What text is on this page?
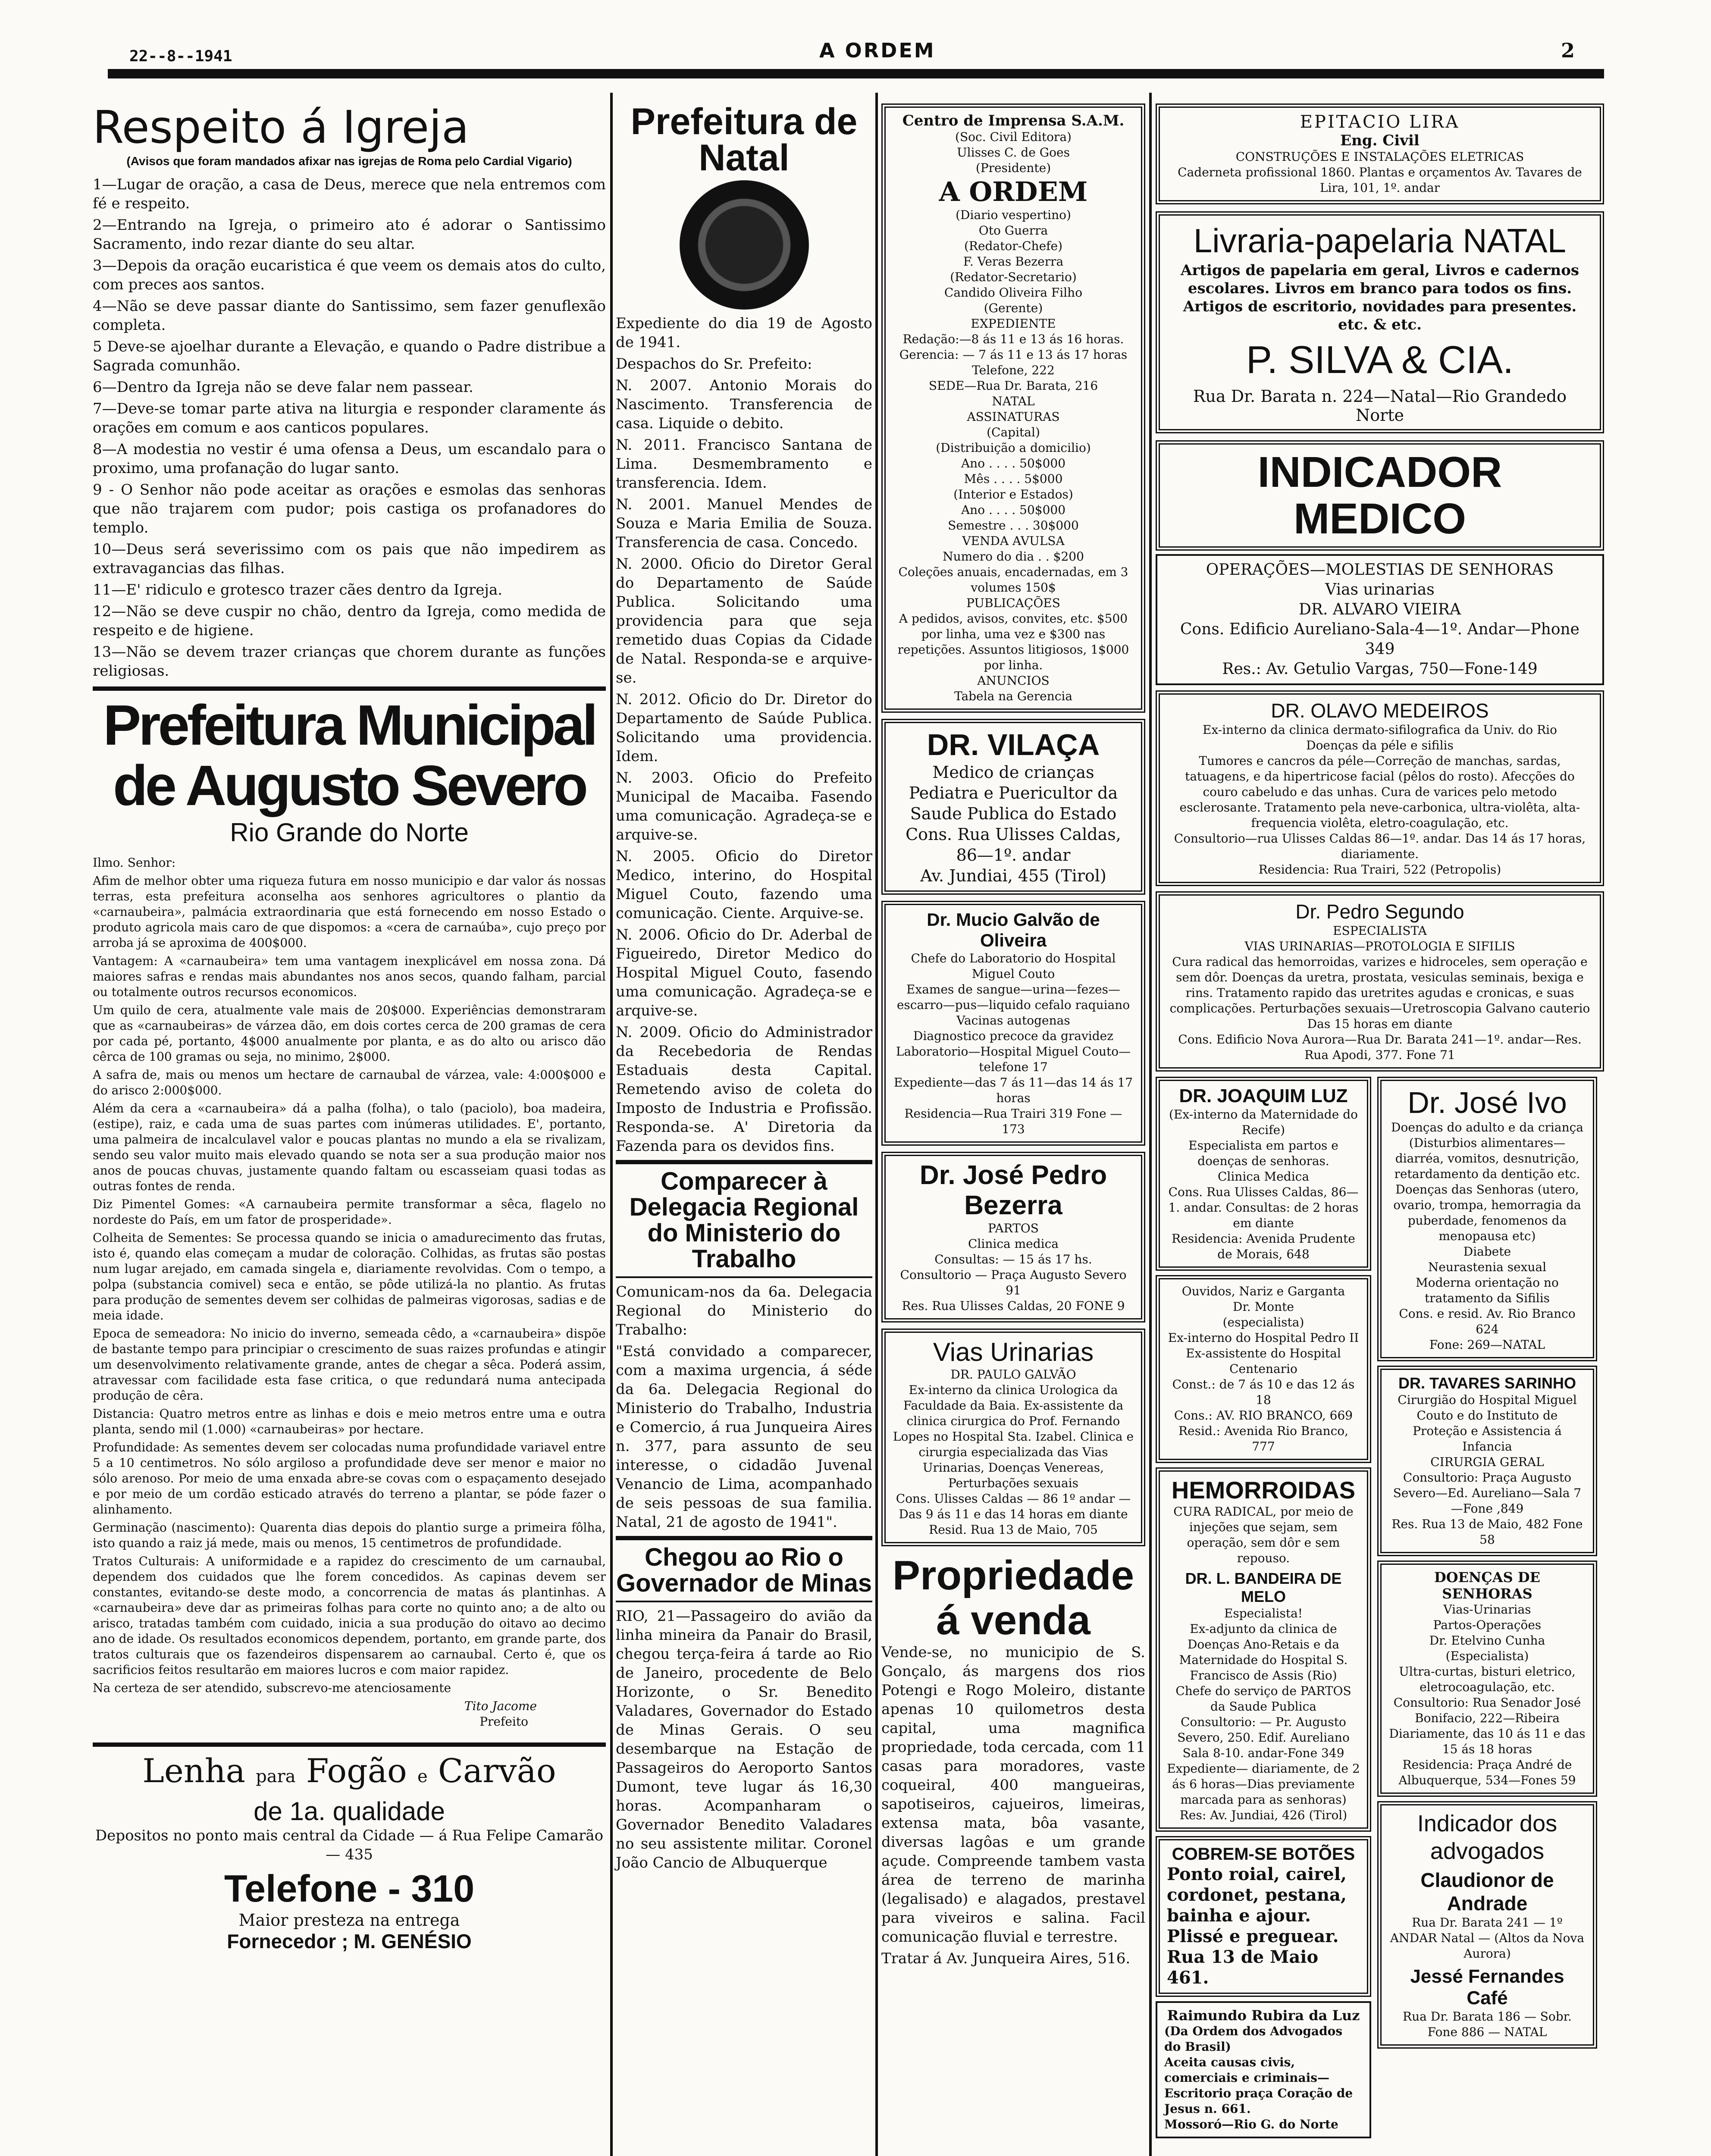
22--8--1941	A ORDEM	2
Respeito á Igreja
(Avisos que foram mandados afixar nas igrejas de Roma pelo Cardial Vigario)
1—Lugar de oração, a casa de Deus, merece que nela entremos com fé e respeito.
2—Entrando na Igreja, o primeiro ato é adorar o Santissimo Sacramento, indo rezar diante do seu altar.
3—Depois da oração eucaristica é que veem os demais atos do culto, com preces aos santos.
4—Não se deve passar diante do Santissimo, sem fazer genuflexão completa.
5 Deve-se ajoelhar durante a Elevação, e quando o Padre distribue a Sagrada comunhão.
6—Dentro da Igreja não se deve falar nem passear.
7—Deve-se tomar parte ativa na liturgia e responder claramente ás orações em comum e aos canticos populares.
8—A modestia no vestir é uma ofensa a Deus, um escandalo para o proximo, uma profanação do lugar santo.
9 - O Senhor não pode aceitar as orações e esmolas das senhoras que não trajarem com pudor; pois castiga os profanadores do templo.
10—Deus será severissimo com os pais que não impedirem as extravagancias das filhas.
11—E' ridiculo e grotesco trazer cães dentro da Igreja.
12—Não se deve cuspir no chão, dentro da Igreja, como medida de respeito e de higiene.
13—Não se devem trazer crianças que chorem durante as funções religiosas.
Prefeitura Municipal de Augusto Severo
Rio Grande do Norte
Ilmo. Senhor:
Afim de melhor obter uma riqueza futura em nosso municipio e dar valor ás nossas terras, esta prefeitura aconselha aos senhores agricultores o plantio da «carnaubeira», palmácia extraordinaria que está fornecendo em nosso Estado o produto agricola mais caro de que dispomos: a «cera de carnaúba», cujo preço por arroba já se aproxima de 400$000.
Vantagem: A «carnaubeira» tem uma vantagem inexplicável em nossa zona. Dá maiores safras e rendas mais abundantes nos anos secos, quando falham, parcial ou totalmente outros recursos economicos.
Um quilo de cera, atualmente vale mais de 20$000. Experiências demonstraram que as «carnaubeiras» de várzea dão, em dois cortes cerca de 200 gramas de cera por cada pé, portanto, 4$000 anualmente por planta, e as do alto ou arisco dão cêrca de 100 gramas ou seja, no minimo, 2$000.
A safra de, mais ou menos um hectare de carnaubal de várzea, vale: 4:000$000 e do arisco 2:000$000.
Além da cera a «carnaubeira» dá a palha (folha), o talo (paciolo), boa madeira, (estipe), raiz, e cada uma de suas partes com inúmeras utilidades. E', portanto, uma palmeira de incalculavel valor e poucas plantas no mundo a ela se rivalizam, sendo seu valor muito mais elevado quando se nota ser a sua produção maior nos anos de poucas chuvas, justamente quando faltam ou escasseiam quasi todas as outras fontes de renda.
Diz Pimentel Gomes: «A carnaubeira permite transformar a sêca, flagelo no nordeste do País, em um fator de prosperidade».
Colheita de Sementes: Se processa quando se inicia o amadurecimento das frutas, isto é, quando elas começam a mudar de coloração. Colhidas, as frutas são postas num lugar arejado, em camada singela e, diariamente revolvidas. Com o tempo, a polpa (substancia comivel) seca e então, se pôde utilizá-la no plantio. As frutas para produção de sementes devem ser colhidas de palmeiras vigorosas, sadias e de meia idade.
Epoca de semeadora: No inicio do inverno, semeada cêdo, a «carnaubeira» dispõe de bastante tempo para principiar o crescimento de suas raizes profundas e atingir um desenvolvimento relativamente grande, antes de chegar a sêca. Poderá assim, atravessar com facilidade esta fase critica, o que redundará numa antecipada produção de cêra.
Distancia: Quatro metros entre as linhas e dois e meio metros entre uma e outra planta, sendo mil (1.000) «carnaubeiras» por hectare.
Profundidade: As sementes devem ser colocadas numa profundidade variavel entre 5 a 10 centimetros. No sólo argiloso a profundidade deve ser menor e maior no sólo arenoso. Por meio de uma enxada abre-se covas com o espaçamento desejado e por meio de um cordão esticado através do terreno a plantar, se póde fazer o alinhamento.
Germinação (nascimento): Quarenta dias depois do plantio surge a primeira fôlha, isto quando a raiz já mede, mais ou menos, 15 centimetros de profundidade.
Tratos Culturais: A uniformidade e a rapidez do crescimento de um carnaubal, dependem dos cuidados que lhe forem concedidos. As capinas devem ser constantes, evitando-se deste modo, a concorrencia de matas ás plantinhas. A «carnaubeira» deve dar as primeiras folhas para corte no quinto ano; a de alto ou arisco, tratadas também com cuidado, inicia a sua produção do oitavo ao decimo ano de idade. Os resultados economicos dependem, portanto, em grande parte, dos tratos culturais que os fazendeiros dispensarem ao carnaubal. Certo é, que os sacrificios feitos resultarão em maiores lucros e com maior rapidez.
Na certeza de ser atendido, subscrevo-me atenciosamente
Tito Jacome
Prefeito
Lenha para Fogão e Carvão
de 1a. qualidade
Depositos no ponto mais central da Cidade — á Rua Felipe Camarão — 435
Telefone - 310
Maior presteza na entrega
Fornecedor ; M. GENÉSIO
Prefeitura de Natal
Expediente do dia 19 de Agosto de 1941.
Despachos do Sr. Prefeito:
N. 2007. Antonio Morais do Nascimento. Transferencia de casa. Liquide o debito.
N. 2011. Francisco Santana de Lima. Desmembramento e transferencia. Idem.
N. 2001. Manuel Mendes de Souza e Maria Emilia de Souza. Transferencia de casa. Concedo.
N. 2000. Oficio do Diretor Geral do Departamento de Saúde Publica. Solicitando uma providencia para que seja remetido duas Copias da Cidade de Natal. Responda-se e arquive-se.
N. 2012. Oficio do Dr. Diretor do Departamento de Saúde Publica. Solicitando uma providencia. Idem.
N. 2003. Oficio do Prefeito Municipal de Macaiba. Fasendo uma comunicação. Agradeça-se e arquive-se.
N. 2005. Oficio do Diretor Medico, interino, do Hospital Miguel Couto, fazendo uma comunicação. Ciente. Arquive-se.
N. 2006. Oficio do Dr. Aderbal de Figueiredo, Diretor Medico do Hospital Miguel Couto, fasendo uma comunicação. Agradeça-se e arquive-se.
N. 2009. Oficio do Administrador da Recebedoria de Rendas Estaduais desta Capital. Remetendo aviso de coleta do Imposto de Industria e Profissão. Responda-se. A' Diretoria da Fazenda para os devidos fins.
Comparecer à Delegacia Regional do Ministerio do Trabalho
Comunicam-nos da 6a. Delegacia Regional do Ministerio do Trabalho:
"Está convidado a comparecer, com a maxima urgencia, á séde da 6a. Delegacia Regional do Ministerio do Trabalho, Industria e Comercio, á rua Junqueira Aires n. 377, para assunto de seu interesse, o cidadão Juvenal Venancio de Lima, acompanhado de seis pessoas de sua familia. Natal, 21 de agosto de 1941".
Chegou ao Rio o Governador de Minas
RIO, 21—Passageiro do avião da linha mineira da Panair do Brasil, chegou terça-feira á tarde ao Rio de Janeiro, procedente de Belo Horizonte, o Sr. Benedito Valadares, Governador do Estado de Minas Gerais. O seu desembarque na Estação de Passageiros do Aeroporto Santos Dumont, teve lugar ás 16,30 horas. Acompanharam o Governador Benedito Valadares no seu assistente militar. Coronel João Cancio de Albuquerque
Centro de Imprensa S.A.M.
(Soc. Civil Editora)
Ulisses C. de Goes
(Presidente)
A ORDEM
(Diario vespertino)
Oto Guerra
(Redator-Chefe)
F. Veras Bezerra
(Redator-Secretario)
Candido Oliveira Filho
(Gerente)
EXPEDIENTE
Redação:—8 ás 11 e 13 ás 16 horas.
Gerencia: — 7 ás 11 e 13 ás 17 horas
Telefone, 222
SEDE—Rua Dr. Barata, 216
NATAL
ASSINATURAS
(Capital)
(Distribuição a domicilio)
Ano . . . . 50$000
Mês . . . . 5$000
(Interior e Estados)
Ano . . . . 50$000
Semestre . . . 30$000
VENDA AVULSA
Numero do dia . . $200
Coleções anuais, encadernadas, em 3 volumes 150$
PUBLICAÇÕES
A pedidos, avisos, convites, etc. $500 por linha, uma vez e $300 nas repetições. Assuntos litigiosos, 1$000 por linha.
ANUNCIOS
Tabela na Gerencia
DR. VILAÇA
Medico de crianças
Pediatra e Puericultor da Saude Publica do Estado
Cons. Rua Ulisses Caldas, 86—1º. andar
Av. Jundiai, 455 (Tirol)
Dr. Mucio Galvão de Oliveira
Chefe do Laboratorio do Hospital Miguel Couto
Exames de sangue—urina—fezes—escarro—pus—liquido cefalo raquiano
Vacinas autogenas
Diagnostico precoce da gravidez
Laboratorio—Hospital Miguel Couto—telefone 17
Expediente—das 7 ás 11—das 14 ás 17 horas
Residencia—Rua Trairi 319 Fone — 173
Dr. José Pedro Bezerra
PARTOS
Clinica medica
Consultas: — 15 ás 17 hs.
Consultorio — Praça Augusto Severo 91
Res. Rua Ulisses Caldas, 20 FONE 9
Vias Urinarias
DR. PAULO GALVÃO
Ex-interno da clinica Urologica da Faculdade da Baia. Ex-assistente da clinica cirurgica do Prof. Fernando Lopes no Hospital Sta. Izabel. Clinica e cirurgia especializada das Vias Urinarias, Doenças Venereas, Perturbações sexuais
Cons. Ulisses Caldas — 86 1º andar — Das 9 ás 11 e das 14 horas em diante
Resid. Rua 13 de Maio, 705
Propriedade á venda
Vende-se, no municipio de S. Gonçalo, ás margens dos rios Potengi e Rogo Moleiro, distante apenas 10 quilometros desta capital, uma magnifica propriedade, toda cercada, com 11 casas para moradores, vaste coqueiral, 400 mangueiras, sapotiseiros, cajueiros, limeiras, extensa mata, bôa vasante, diversas lagôas e um grande açude. Compreende tambem vasta área de terreno de marinha (legalisado) e alagados, prestavel para viveiros e salina. Facil comunicação fluvial e terrestre.
Tratar á Av. Junqueira Aires, 516.
EPITACIO LIRA
Eng. Civil
CONSTRUÇÕES E INSTALAÇÕES ELETRICAS
Caderneta profissional 1860. Plantas e orçamentos Av. Tavares de Lira, 101, 1º. andar
Livraria-papelaria NATAL
Artigos de papelaria em geral, Livros e cadernos escolares. Livros em branco para todos os fins. Artigos de escritorio, novidades para presentes. etc. & etc.
P. SILVA & CIA.
Rua Dr. Barata n. 224—Natal—Rio Grandedo Norte
INDICADOR MEDICO
OPERAÇÕES—MOLESTIAS DE SENHORAS
Vias urinarias
DR. ALVARO VIEIRA
Cons. Edificio Aureliano-Sala-4—1º. Andar—Phone 349
Res.: Av. Getulio Vargas, 750—Fone-149
DR. OLAVO MEDEIROS
Ex-interno da clinica dermato-sifilografica da Univ. do Rio
Doenças da péle e sifilis
Tumores e cancros da péle—Correção de manchas, sardas, tatuagens, e da hipertricose facial (pêlos do rosto). Afecções do couro cabeludo e das unhas. Cura de varices pelo metodo esclerosante. Tratamento pela neve-carbonica, ultra-violêta, alta-frequencia violêta, eletro-coagulação, etc.
Consultorio—rua Ulisses Caldas 86—1º. andar. Das 14 ás 17 horas, diariamente.
Residencia: Rua Trairi, 522 (Petropolis)
Dr. Pedro Segundo
ESPECIALISTA
VIAS URINARIAS—PROTOLOGIA E SIFILIS
Cura radical das hemorroidas, varizes e hidroceles, sem operação e sem dôr. Doenças da uretra, prostata, vesiculas seminais, bexiga e rins. Tratamento rapido das uretrites agudas e cronicas, e suas complicações. Perturbações sexuais—Uretroscopia Galvano cauterio
Das 15 horas em diante
Cons. Edificio Nova Aurora—Rua Dr. Barata 241—1º. andar—Res. Rua Apodi, 377. Fone 71
DR. JOAQUIM LUZ
(Ex-interno da Maternidade do Recife)
Especialista em partos e doenças de senhoras.
Clinica Medica
Cons. Rua Ulisses Caldas, 86—1. andar. Consultas: de 2 horas em diante
Residencia: Avenida Prudente de Morais, 648
Ouvidos, Nariz e Garganta
Dr. Monte
(especialista)
Ex-interno do Hospital Pedro II
Ex-assistente do Hospital Centenario
Const.: de 7 ás 10 e das 12 ás 18
Cons.: AV. RIO BRANCO, 669
Resid.: Avenida Rio Branco, 777
HEMORROIDAS
CURA RADICAL, por meio de injeções que sejam, sem operação, sem dôr e sem repouso.
DR. L. BANDEIRA DE MELO
Especialista!
Ex-adjunto da clinica de Doenças Ano-Retais e da Maternidade do Hospital S. Francisco de Assis (Rio)
Chefe do serviço de PARTOS da Saude Publica
Consultorio: — Pr. Augusto Severo, 250. Edif. Aureliano Sala 8-10. andar-Fone 349
Expediente— diariamente, de 2 ás 6 horas—Dias previamente marcada para as senhoras)
Res: Av. Jundiai, 426 (Tirol)
COBREM-SE BOTÕES
Ponto roial, cairel, cordonet, pestana, bainha e ajour. Plissé e preguear. Rua 13 de Maio 461.
Raimundo Rubira da Luz
(Da Ordem dos Advogados do Brasil)
Aceita causas civis, comerciais e criminais—Escritorio praça Coração de Jesus n. 661.
Mossoró—Rio G. do Norte
Dr. José Ivo
Doenças do adulto e da criança (Disturbios alimentares—diarréa, vomitos, desnutrição, retardamento da dentição etc.
Doenças das Senhoras (utero, ovario, trompa, hemorragia da puberdade, fenomenos da menopausa etc)
Diabete
Neurastenia sexual
Moderna orientação no tratamento da Sifilis
Cons. e resid. Av. Rio Branco 624
Fone: 269—NATAL
DR. TAVARES SARINHO
Cirurgião do Hospital Miguel Couto e do Instituto de Proteção e Assistencia á Infancia
CIRURGIA GERAL
Consultorio: Praça Augusto Severo—Ed. Aureliano—Sala 7 —Fone ,849
Res. Rua 13 de Maio, 482 Fone 58
DOENÇAS DE SENHORAS
Vias-Urinarias
Partos-Operações
Dr. Etelvino Cunha
(Especialista)
Ultra-curtas, bisturi eletrico, eletrocoagulação, etc.
Consultorio: Rua Senador José Bonifacio, 222—Ribeira Diariamente, das 10 ás 11 e das 15 ás 18 horas
Residencia: Praça André de Albuquerque, 534—Fones 59
Indicador dos advogados
Claudionor de Andrade
Rua Dr. Barata 241 — 1º ANDAR Natal — (Altos da Nova Aurora)
Jessé Fernandes Café
Rua Dr. Barata 186 — Sobr. Fone 886 — NATAL
